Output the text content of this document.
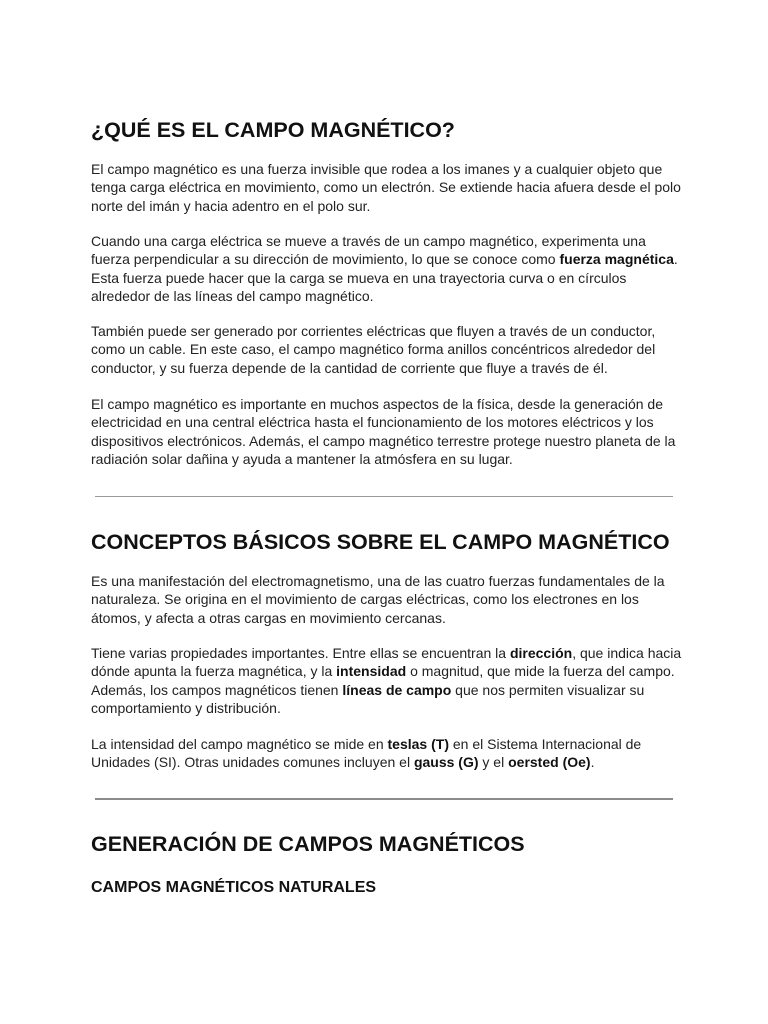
¿QUÉ ES EL CAMPO MAGNÉTICO?

El campo magnético es una fuerza invisible que rodea a los imanes y a cualquier objeto que
tenga carga eléctrica en movimiento, como un electrón. Se extiende hacia afuera desde el polo
norte del imán y hacia adentro en el polo sur.

Cuando una carga eléctrica se mueve a través de un campo magnético, experimenta una
fuerza perpendicular a su dirección de movimiento, lo que se conoce como fuerza magnética.
Esta fuerza puede hacer que la carga se mueva en una trayectoria curva o en círculos
alrededor de las líneas del campo magnético.

También puede ser generado por corrientes eléctricas que fluyen a través de un conductor,
como un cable. En este caso, el campo magnético forma anillos concéntricos alrededor del
conductor, y su fuerza depende de la cantidad de corriente que fluye a través de él.

El campo magnético es importante en muchos aspectos de la física, desde la generación de
electricidad en una central eléctrica hasta el funcionamiento de los motores eléctricos y los
dispositivos electrónicos. Además, el campo magnético terrestre protege nuestro planeta de la
radiación solar dañina y ayuda a mantener la atmósfera en su lugar.

CONCEPTOS BÁSICOS SOBRE EL CAMPO MAGNÉTICO

Es una manifestación del electromagnetismo, una de las cuatro fuerzas fundamentales de la
naturaleza. Se origina en el movimiento de cargas eléctricas, como los electrones en los
átomos, y afecta a otras cargas en movimiento cercanas.

Tiene varias propiedades importantes. Entre ellas se encuentran la dirección, que indica hacia
dónde apunta la fuerza magnética, y la intensidad o magnitud, que mide la fuerza del campo.
Además, los campos magnéticos tienen líneas de campo que nos permiten visualizar su
comportamiento y distribución.

La intensidad del campo magnético se mide en teslas (T) en el Sistema Internacional de
Unidades (SI). Otras unidades comunes incluyen el gauss (G) y el oersted (Oe).

GENERACIÓN DE CAMPOS MAGNÉTICOS
CAMPOS MAGNÉTICOS NATURALES
